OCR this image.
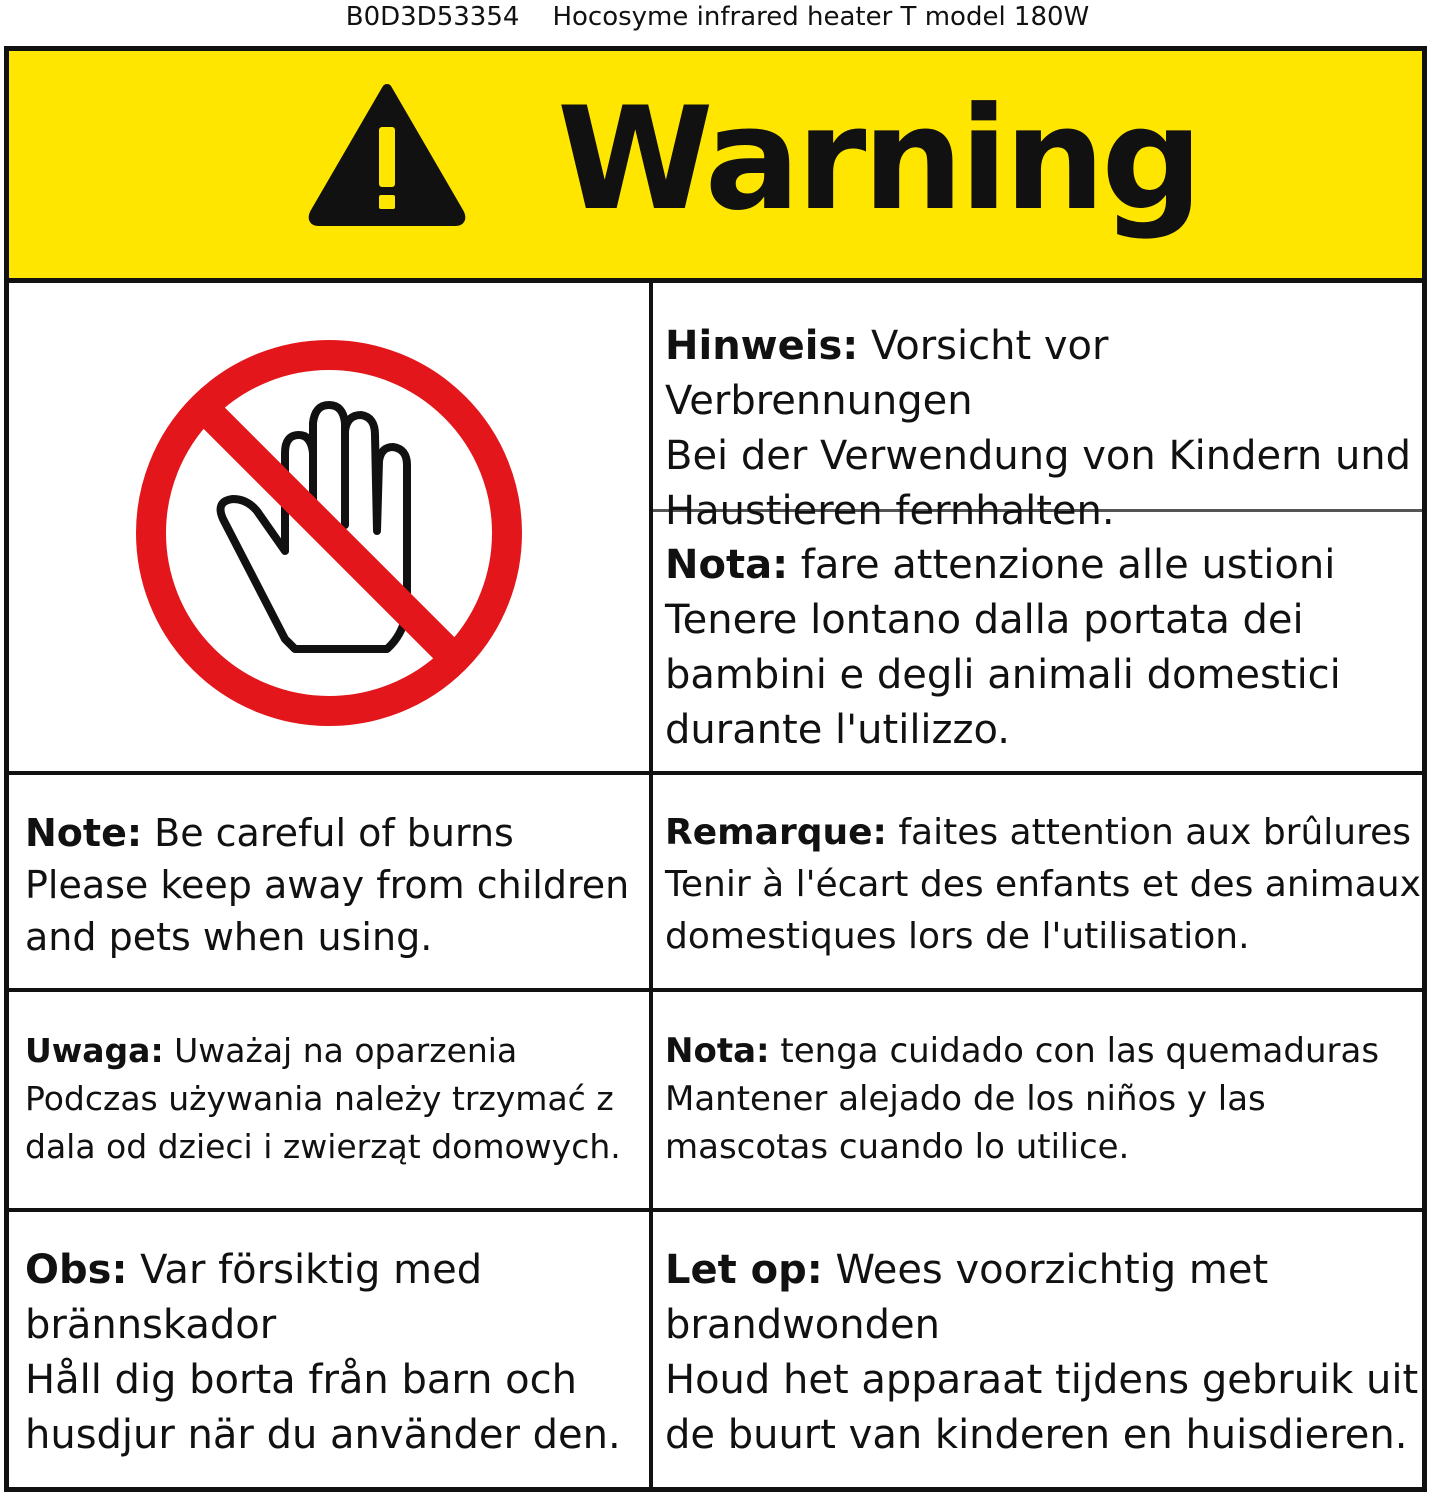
B0D3D53354    Hocosyme infrared heater T model 180W
Warning
Hinweis: Vorsicht vor Verbrennungen
Bei der Verwendung von Kindern und Haustieren fernhalten.
Nota: fare attenzione alle ustioni
Tenere lontano dalla portata dei bambini e degli animali domestici durante l'utilizzo.
Note: Be careful of burns
Please keep away from children and pets when using.
Remarque: faites attention aux brûlures
Tenir à l'écart des enfants et des animaux domestiques lors de l'utilisation.
Uwaga: Uważaj na oparzenia
Podczas używania należy trzymać z dala od dzieci i zwierząt domowych.
Nota: tenga cuidado con las quemaduras
Mantener alejado de los niños y las mascotas cuando lo utilice.
Obs: Var försiktig med brännskador
Håll dig borta från barn och husdjur när du använder den.
Let op: Wees voorzichtig met brandwonden
Houd het apparaat tijdens gebruik uit de buurt van kinderen en huisdieren.
